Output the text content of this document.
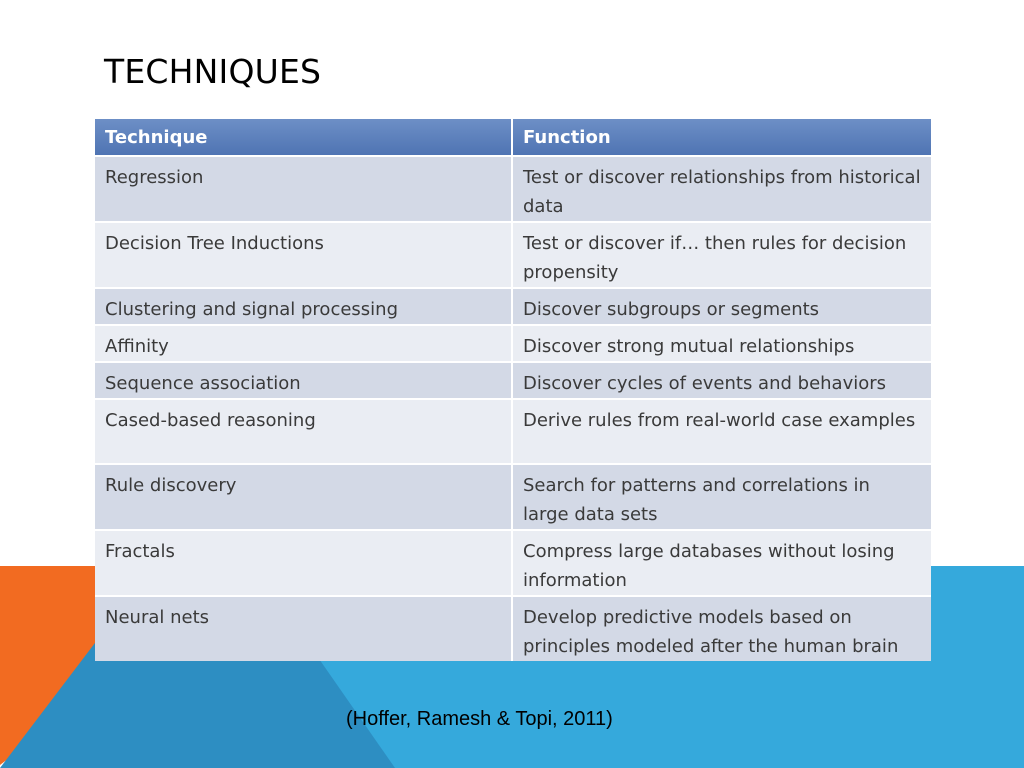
TECHNIQUES
Technique	Function
Regression	Test or discover relationships from historical data
Decision Tree Inductions	Test or discover if… then rules for decision propensity
Clustering and signal processing	Discover subgroups or segments
Affinity	Discover strong mutual relationships
Sequence association	Discover cycles of events and behaviors
Cased-based reasoning	Derive rules from real-world case examples
Rule discovery	Search for patterns and correlations in large data sets
Fractals	Compress large databases without losing information
Neural nets	Develop predictive models based on principles modeled after the human brain

(Hoffer, Ramesh & Topi, 2011)
